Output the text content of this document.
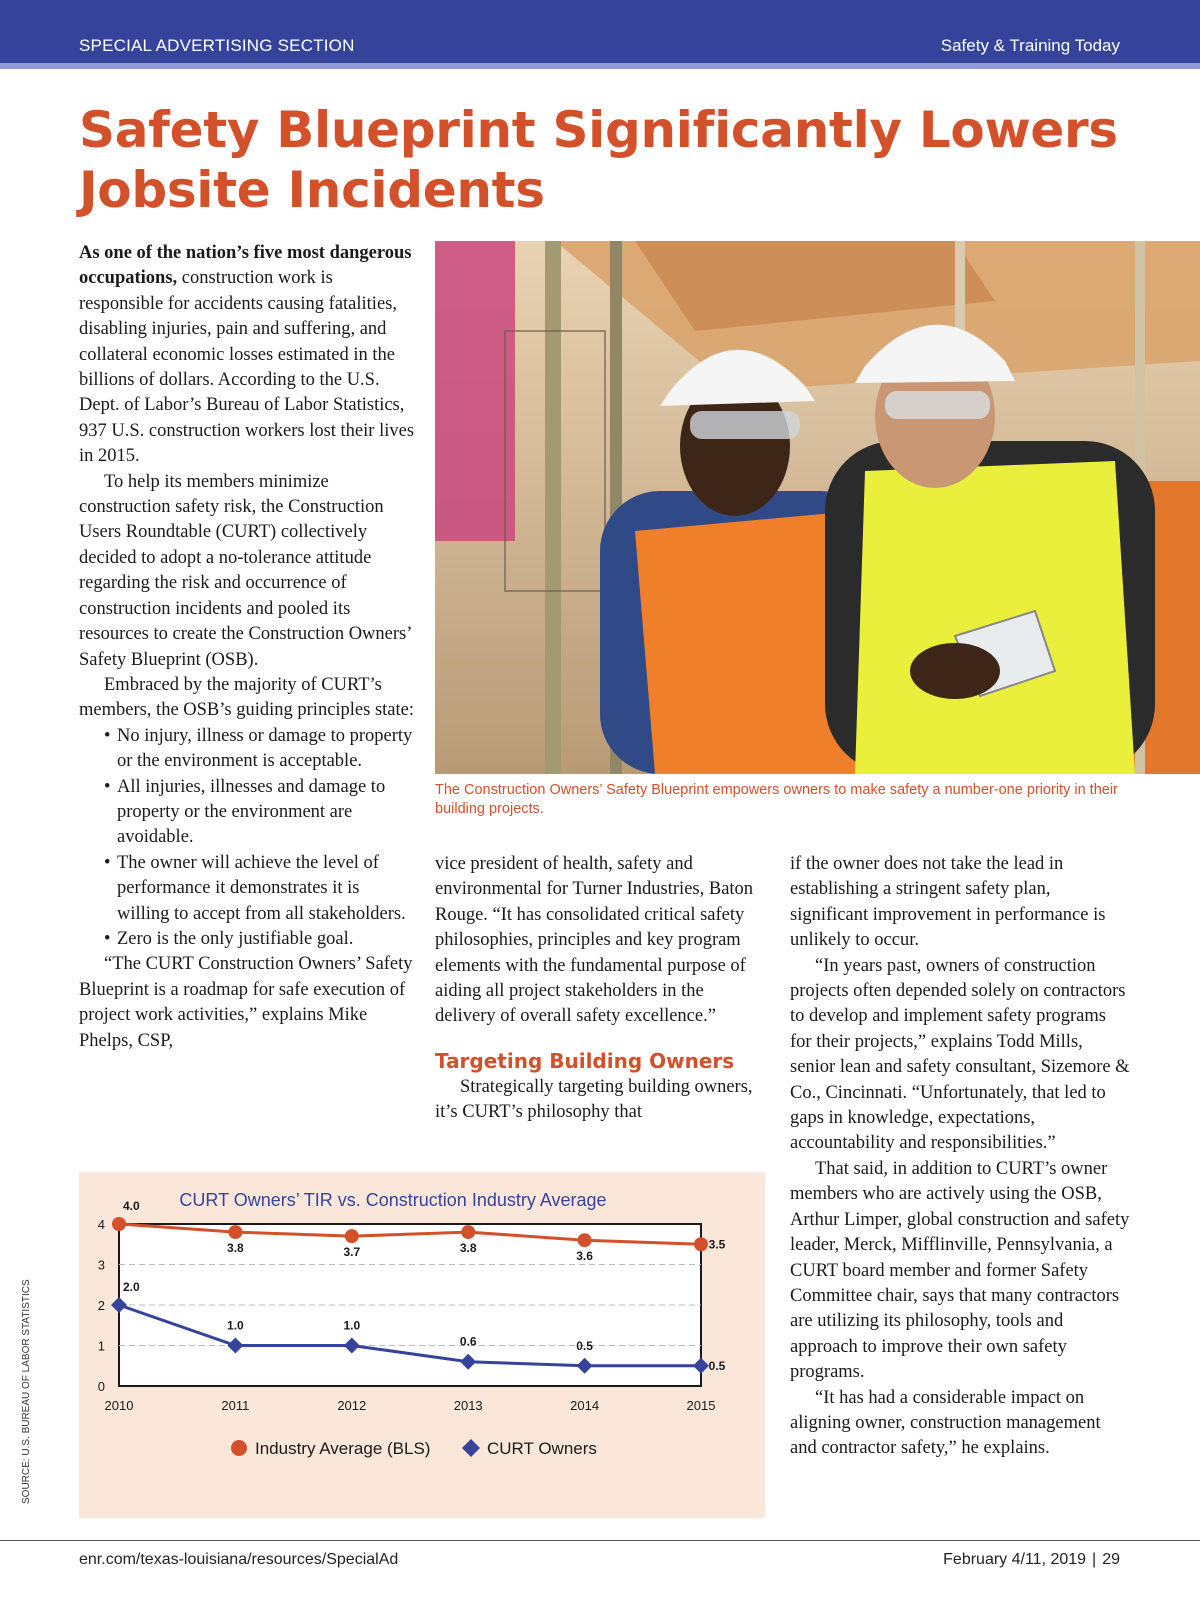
SPECIAL ADVERTISING SECTION	Safety & Training Today
Safety Blueprint Significantly Lowers Jobsite Incidents

As one of the nation’s five most dangerous occupations, construction work is responsible for accidents causing fatalities, disabling injuries, pain and suffering, and collateral economic losses estimated in the billions of dollars. According to the U.S. Dept. of Labor’s Bureau of Labor Statistics, 937 U.S. construction workers lost their lives in 2015.

To help its members minimize construction safety risk, the Construction Users Roundtable (CURT) collectively decided to adopt a no-tolerance attitude regarding the risk and occurrence of construction incidents and pooled its resources to create the Construction Owners’ Safety Blueprint (OSB).

Embraced by the majority of CURT’s members, the OSB’s guiding principles state:

• No injury, illness or damage to property or the environment is acceptable.
• All injuries, illnesses and damage to property or the environment are avoidable.
• The owner will achieve the level of performance it demonstrates it is willing to accept from all stakeholders.
• Zero is the only justifiable goal.

“The CURT Construction Owners’ Safety Blueprint is a roadmap for safe execution of project work activities,” explains Mike Phelps, CSP,

The Construction Owners’ Safety Blueprint empowers owners to make safety a number-one priority in their building projects.

vice president of health, safety and environmental for Turner Industries, Baton Rouge. “It has consolidated critical safety philosophies, principles and key program elements with the fundamental purpose of aiding all project stakeholders in the delivery of overall safety excellence.”

Targeting Building Owners

Strategically targeting building owners, it’s CURT’s philosophy that

if the owner does not take the lead in establishing a stringent safety plan, significant improvement in performance is unlikely to occur.

“In years past, owners of construction projects often depended solely on contractors to develop and implement safety programs for their projects,” explains Todd Mills, senior lean and safety consultant, Sizemore & Co., Cincinnati. “Unfortunately, that led to gaps in knowledge, expectations, accountability and responsibilities.”

That said, in addition to CURT’s owner members who are actively using the OSB, Arthur Limper, global construction and safety leader, Merck, Mifflinville, Pennsylvania, a CURT board member and former Safety Committee chair, says that many contractors are utilizing its philosophy, tools and approach to improve their own safety programs.

“It has had a considerable impact on aligning owner, construction management and contractor safety,” he explains.

CURT Owners’ TIR vs. Construction Industry Average
0
1
2
3
4
2010	2011	2012	2013	2014	2015
4.0
3.8	3.7	3.8
3.6
3.5
2.0
1.0	1.0
0.6	0.5
0.5
Industry Average (BLS)	CURT Owners
SOURCE: U.S. BUREAU OF LABOR STATISTICS
enr.com/texas-louisiana/resources/SpecialAd	February 4/11, 2019 | 29
